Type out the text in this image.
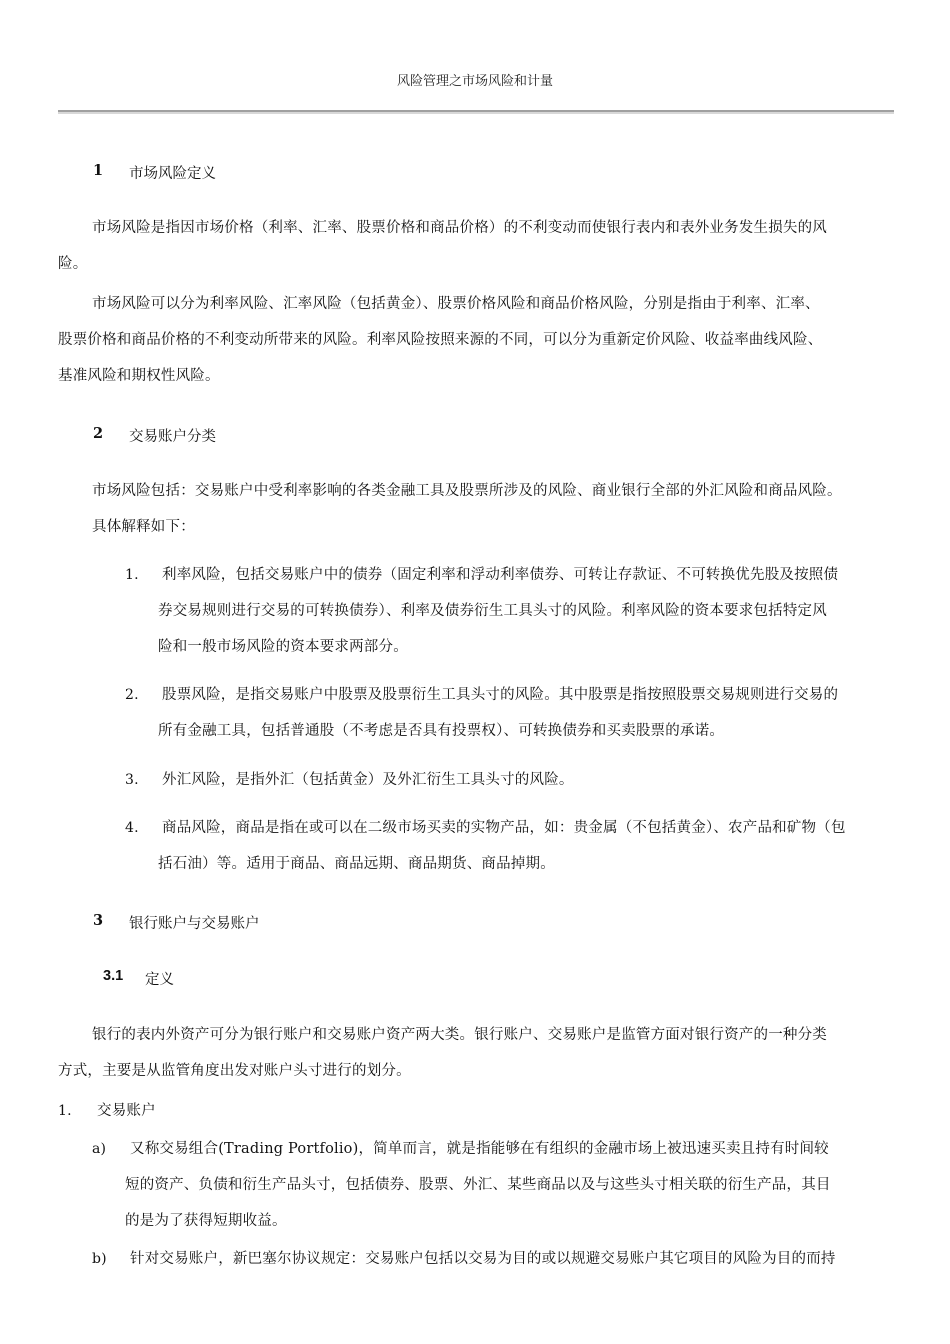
风险管理之市场风险和计量
1 市场风险定义
市场风险是指因市场价格（利率、汇率、股票价格和商品价格）的不利变动而使银行表内和表外业务发生损失的风
险。
市场风险可以分为利率风险、汇率风险（包括黄金）、股票价格风险和商品价格风险，分别是指由于利率、汇率、
股票价格和商品价格的不利变动所带来的风险。利率风险按照来源的不同，可以分为重新定价风险、收益率曲线风险、
基准风险和期权性风险。
2 交易账户分类
市场风险包括：交易账户中受利率影响的各类金融工具及股票所涉及的风险、商业银行全部的外汇风险和商品风险。
具体解释如下：
1. 利率风险，包括交易账户中的债券（固定利率和浮动利率债券、可转让存款证、不可转换优先股及按照债
券交易规则进行交易的可转换债券）、利率及债券衍生工具头寸的风险。利率风险的资本要求包括特定风
险和一般市场风险的资本要求两部分。
2. 股票风险，是指交易账户中股票及股票衍生工具头寸的风险。其中股票是指按照股票交易规则进行交易的
所有金融工具，包括普通股（不考虑是否具有投票权）、可转换债券和买卖股票的承诺。
3. 外汇风险，是指外汇（包括黄金）及外汇衍生工具头寸的风险。
4. 商品风险，商品是指在或可以在二级市场买卖的实物产品，如：贵金属（不包括黄金）、农产品和矿物（包
括石油）等。适用于商品、商品远期、商品期货、商品掉期。
3 银行账户与交易账户
3.1 定义
银行的表内外资产可分为银行账户和交易账户资产两大类。银行账户、交易账户是监管方面对银行资产的一种分类
方式，主要是从监管角度出发对账户头寸进行的划分。
1. 交易账户
a) 又称交易组合(Trading Portfolio)，简单而言，就是指能够在有组织的金融市场上被迅速买卖且持有时间较
短的资产、负债和衍生产品头寸，包括债券、股票、外汇、某些商品以及与这些头寸相关联的衍生产品，其目
的是为了获得短期收益。
b) 针对交易账户，新巴塞尔协议规定：交易账户包括以交易为目的或以规避交易账户其它项目的风险为目的而持
